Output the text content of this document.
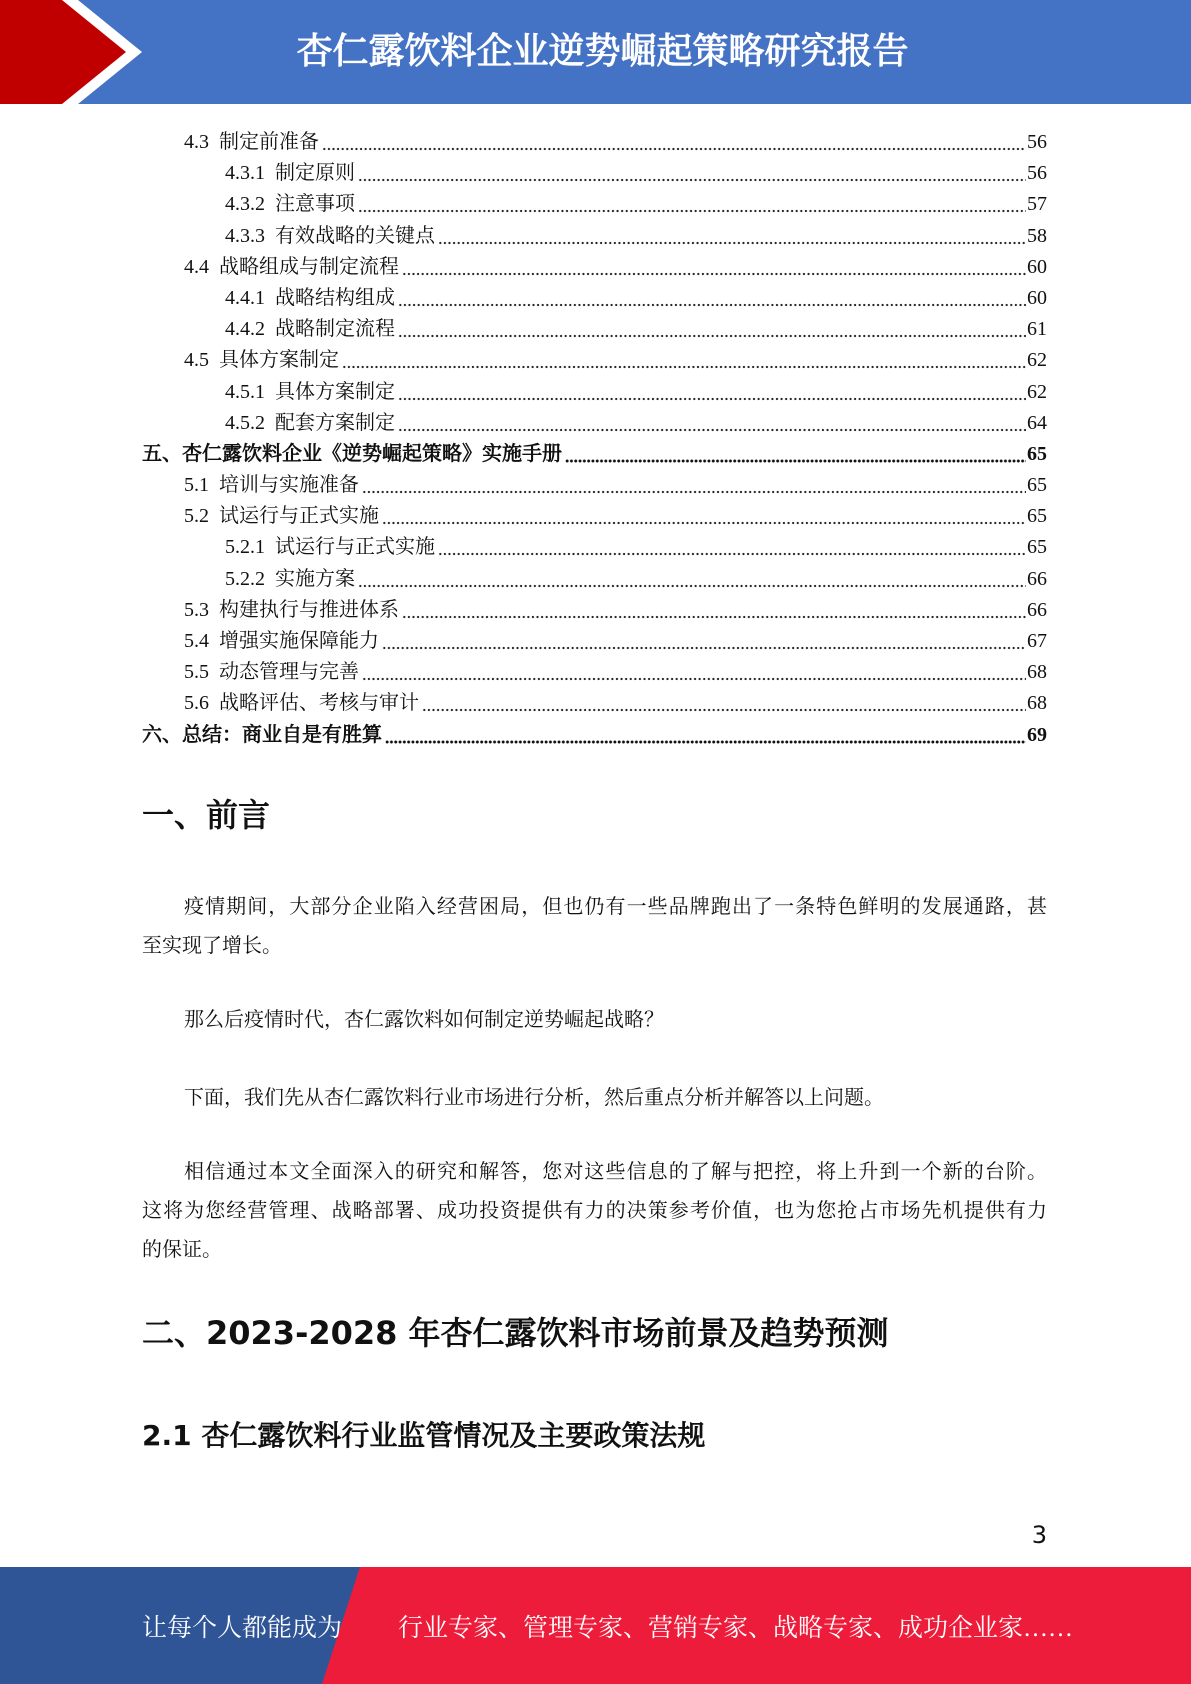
杏仁露饮料企业逆势崛起策略研究报告
4.3 制定前准备	56
4.3.1 制定原则	56
4.3.2 注意事项	57
4.3.3 有效战略的关键点	58
4.4 战略组成与制定流程	60
4.4.1 战略结构组成	60
4.4.2 战略制定流程	61
4.5 具体方案制定	62
4.5.1 具体方案制定	62
4.5.2 配套方案制定	64
五、杏仁露饮料企业《逆势崛起策略》实施手册	65
5.1 培训与实施准备	65
5.2 试运行与正式实施	65
5.2.1 试运行与正式实施	65
5.2.2 实施方案	66
5.3 构建执行与推进体系	66
5.4 增强实施保障能力	67
5.5 动态管理与完善	68
5.6 战略评估、考核与审计	68
六、总结：商业自是有胜算	69
一、前言
疫情期间，大部分企业陷入经营困局，但也仍有一些品牌跑出了一条特色鲜明的发展通路，甚
至实现了增长。
那么后疫情时代，杏仁露饮料如何制定逆势崛起战略？
下面，我们先从杏仁露饮料行业市场进行分析，然后重点分析并解答以上问题。
相信通过本文全面深入的研究和解答，您对这些信息的了解与把控，将上升到一个新的台阶。
这将为您经营管理、战略部署、成功投资提供有力的决策参考价值，也为您抢占市场先机提供有力
的保证。
二、2023-2028 年杏仁露饮料市场前景及趋势预测
2.1 杏仁露饮料行业监管情况及主要政策法规
3
让每个人都能成为 行业专家、管理专家、营销专家、战略专家、成功企业家……
